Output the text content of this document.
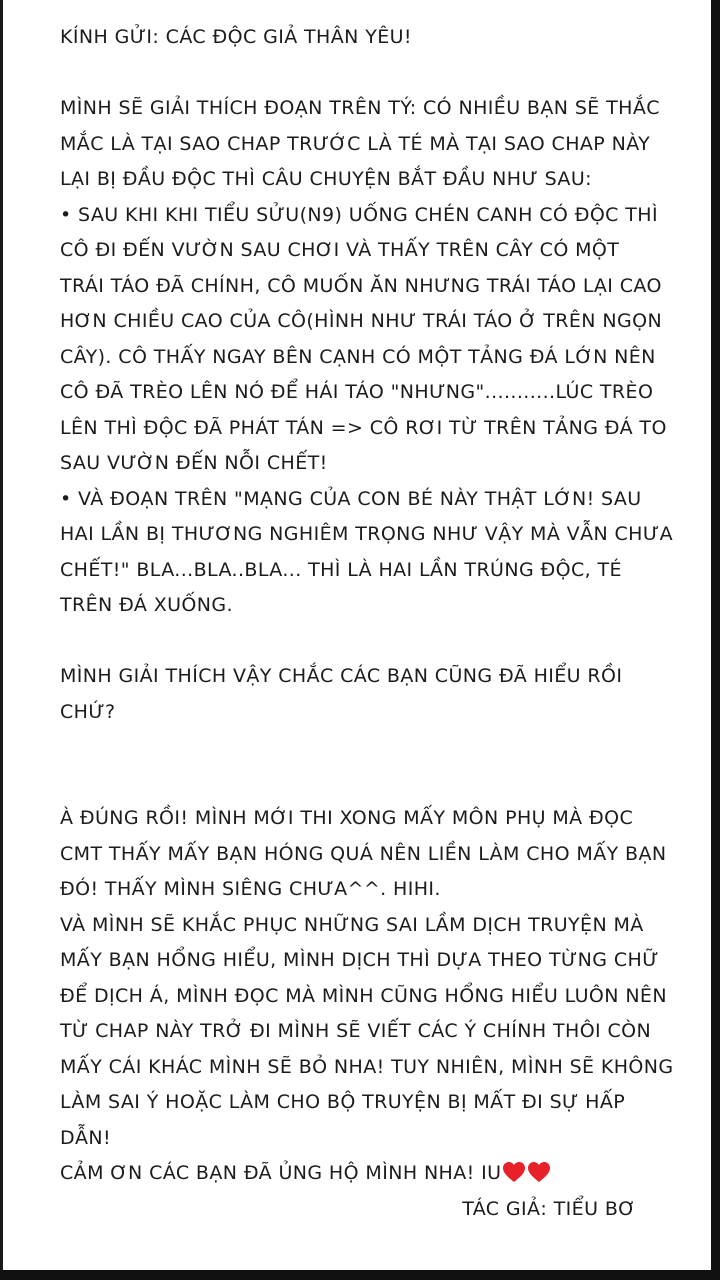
KÍNH GỬI: CÁC ĐỘC GIẢ THÂN YÊU!
MÌNH SẼ GIẢI THÍCH ĐOẠN TRÊN TÝ: CÓ NHIỀU BẠN SẼ THẮC
MẮC LÀ TẠI SAO CHAP TRƯỚC LÀ TÉ MÀ TẠI SAO CHAP NÀY
LẠI BỊ ĐẦU ĐỘC THÌ CÂU CHUYỆN BẮT ĐẦU NHƯ SAU:
• SAU KHI KHI TIỂU SỬU(N9) UỐNG CHÉN CANH CÓ ĐỘC THÌ
CÔ ĐI ĐẾN VƯỜN SAU CHƠI VÀ THẤY TRÊN CÂY CÓ MỘT
TRÁI TÁO ĐÃ CHÍNH, CÔ MUỐN ĂN NHƯNG TRÁI TÁO LẠI CAO
HƠN CHIỀU CAO CỦA CÔ(HÌNH NHƯ TRÁI TÁO Ở TRÊN NGỌN
CÂY). CÔ THẤY NGAY BÊN CẠNH CÓ MỘT TẢNG ĐÁ LỚN NÊN
CÔ ĐÃ TRÈO LÊN NÓ ĐỂ HÁI TÁO "NHƯNG"...........LÚC TRÈO
LÊN THÌ ĐỘC ĐÃ PHÁT TÁN => CÔ RƠI TỪ TRÊN TẢNG ĐÁ TO
SAU VƯỜN ĐẾN NỖI CHẾT!
• VÀ ĐOẠN TRÊN "MẠNG CỦA CON BÉ NÀY THẬT LỚN! SAU
HAI LẦN BỊ THƯƠNG NGHIÊM TRỌNG NHƯ VẬY MÀ VẪN CHƯA
CHẾT!" BLA...BLA..BLA... THÌ LÀ HAI LẦN TRÚNG ĐỘC, TÉ
TRÊN ĐÁ XUỐNG.
MÌNH GIẢI THÍCH VẬY CHẮC CÁC BẠN CŨNG ĐÃ HIỂU RỒI
CHỨ?
À ĐÚNG RỒI! MÌNH MỚI THI XONG MẤY MÔN PHỤ MÀ ĐỌC
CMT THẤY MẤY BẠN HÓNG QUÁ NÊN LIỀN LÀM CHO MẤY BẠN
ĐÓ! THẤY MÌNH SIÊNG CHƯA^^. HIHI.
VÀ MÌNH SẼ KHẮC PHỤC NHỮNG SAI LẦM DỊCH TRUYỆN MÀ
MẤY BẠN HỔNG HIỂU, MÌNH DỊCH THÌ DỰA THEO TỪNG CHỮ
ĐỂ DỊCH Á, MÌNH ĐỌC MÀ MÌNH CŨNG HỔNG HIỂU LUÔN NÊN
TỪ CHAP NÀY TRỞ ĐI MÌNH SẼ VIẾT CÁC Ý CHÍNH THÔI CÒN
MẤY CÁI KHÁC MÌNH SẼ BỎ NHA! TUY NHIÊN, MÌNH SẼ KHÔNG
LÀM SAI Ý HOẶC LÀM CHO BỘ TRUYỆN BỊ MẤT ĐI SỰ HẤP
DẪN!
CẢM ƠN CÁC BẠN ĐÃ ỦNG HỘ MÌNH NHA! IU
TÁC GIẢ: TIỂU BƠ
